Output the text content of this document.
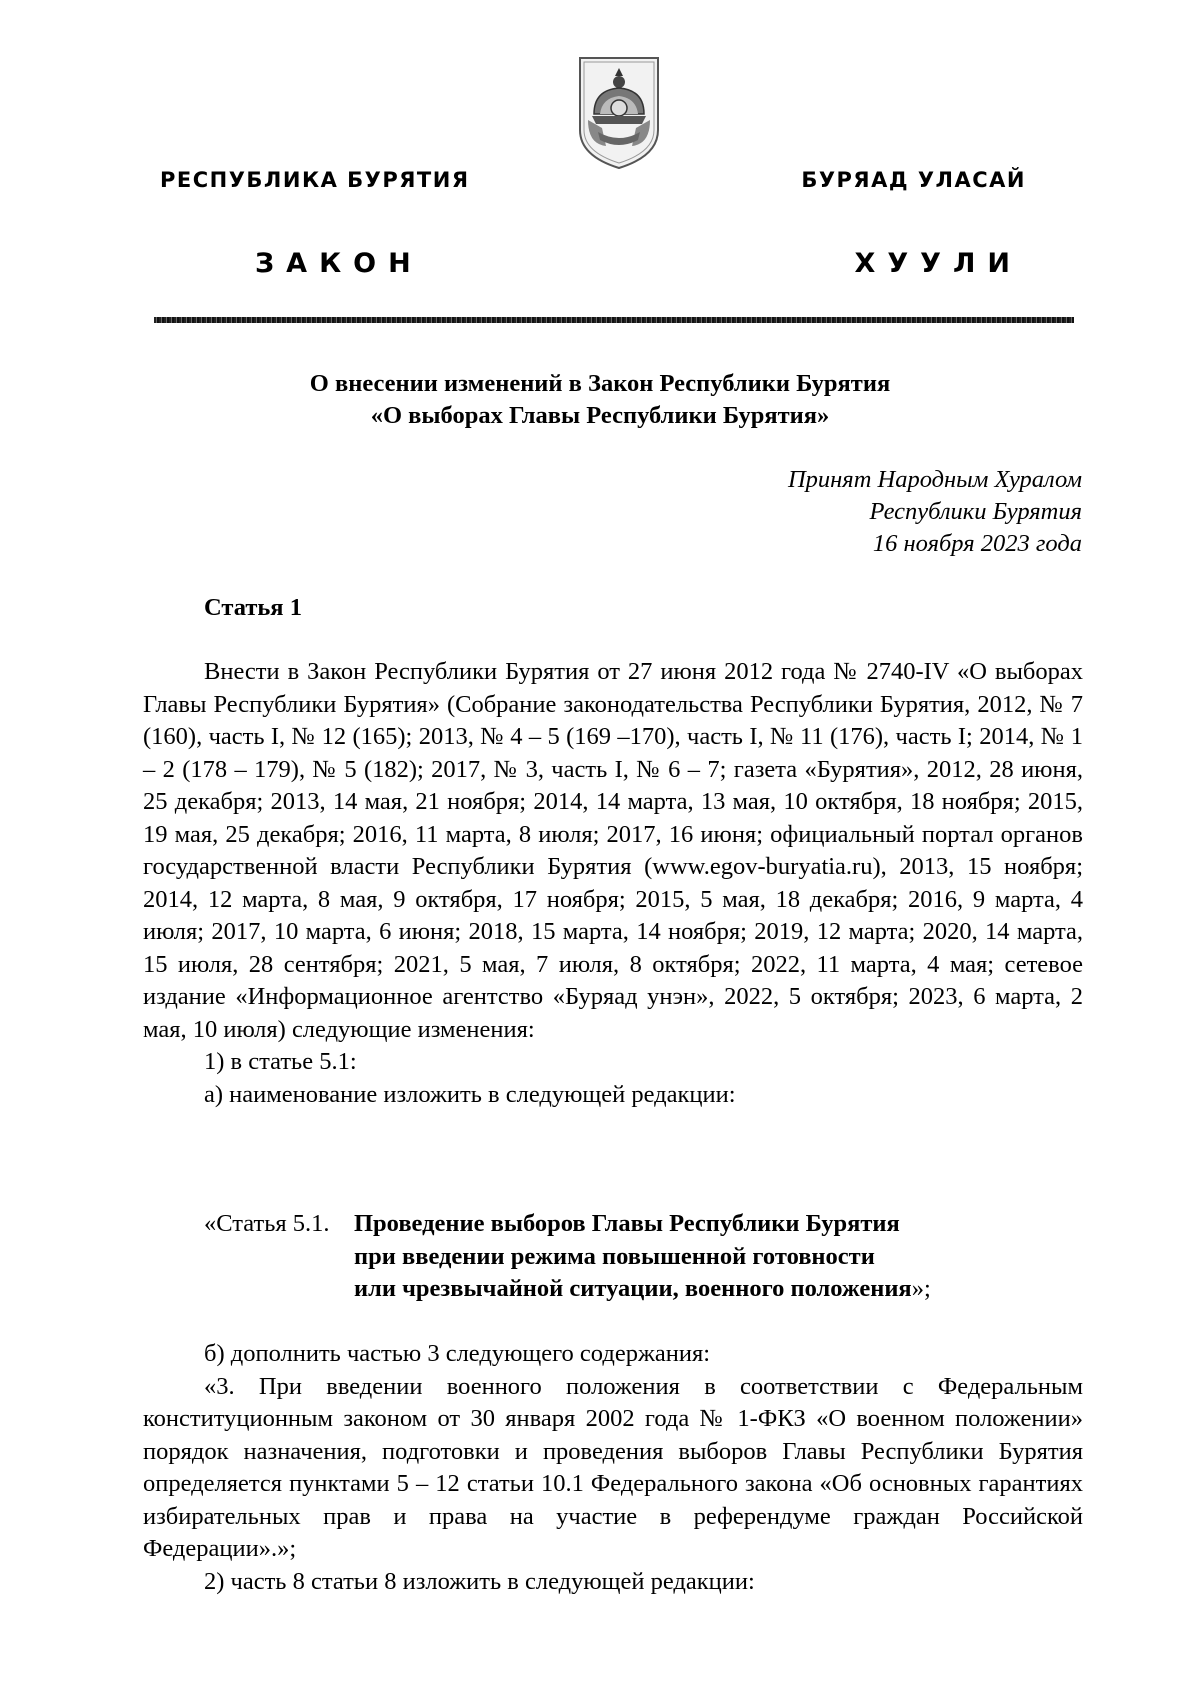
РЕСПУБЛИКА БУРЯТИЯ	БУРЯАД УЛАСАЙ
ЗАКОН	ХУУЛИ
О внесении изменений в Закон Республики Бурятия
«О выборах Главы Республики Бурятия»
Принят Народным Хуралом
Республики Бурятия
16 ноября 2023 года
Статья 1

Внести в Закон Республики Бурятия от 27 июня 2012 года № 2740-IV «О выборах Главы Республики Бурятия» (Собрание законодательства Республики Бурятия, 2012, № 7 (160), часть I, № 12 (165); 2013, № 4 – 5 (169 –170), часть I, № 11 (176), часть I; 2014, № 1 – 2 (178 – 179), № 5 (182); 2017, № 3, часть I, № 6 – 7; газета «Бурятия», 2012, 28 июня, 25 декабря; 2013, 14 мая, 21 ноября; 2014, 14 марта, 13 мая, 10 октября, 18 ноября; 2015, 19 мая, 25 декабря; 2016, 11 марта, 8 июля; 2017, 16 июня; официальный портал органов государственной власти Республики Бурятия (www.egov-buryatia.ru), 2013, 15 ноября; 2014, 12 марта, 8 мая, 9 октября, 17 ноября; 2015, 5 мая, 18 декабря; 2016, 9 марта, 4 июля; 2017, 10 марта, 6 июня; 2018, 15 марта, 14 ноября; 2019, 12 марта; 2020, 14 марта, 15 июля, 28 сентября; 2021, 5 мая, 7 июля, 8 октября; 2022, 11 марта, 4 мая; сетевое издание «Информационное агентство «Буряад унэн», 2022, 5 октября; 2023, 6 марта, 2 мая, 10 июля) следующие изменения:

1) в статье 5.1:

а) наименование изложить в следующей редакции:

«Статья 5.1. Проведение выборов Главы Республики Бурятия
при введении режима повышенной готовности
или чрезвычайной ситуации, военного положения»;

б) дополнить частью 3 следующего содержания:

«3. При введении военного положения в соответствии с Федеральным конституционным законом от 30 января 2002 года № 1-ФКЗ «О военном положении» порядок назначения, подготовки и проведения выборов Главы Республики Бурятия определяется пунктами 5 – 12 статьи 10.1 Федерального закона «Об основных гарантиях избирательных прав и права на участие в референдуме граждан Российской Федерации».»;

2) часть 8 статьи 8 изложить в следующей редакции:
